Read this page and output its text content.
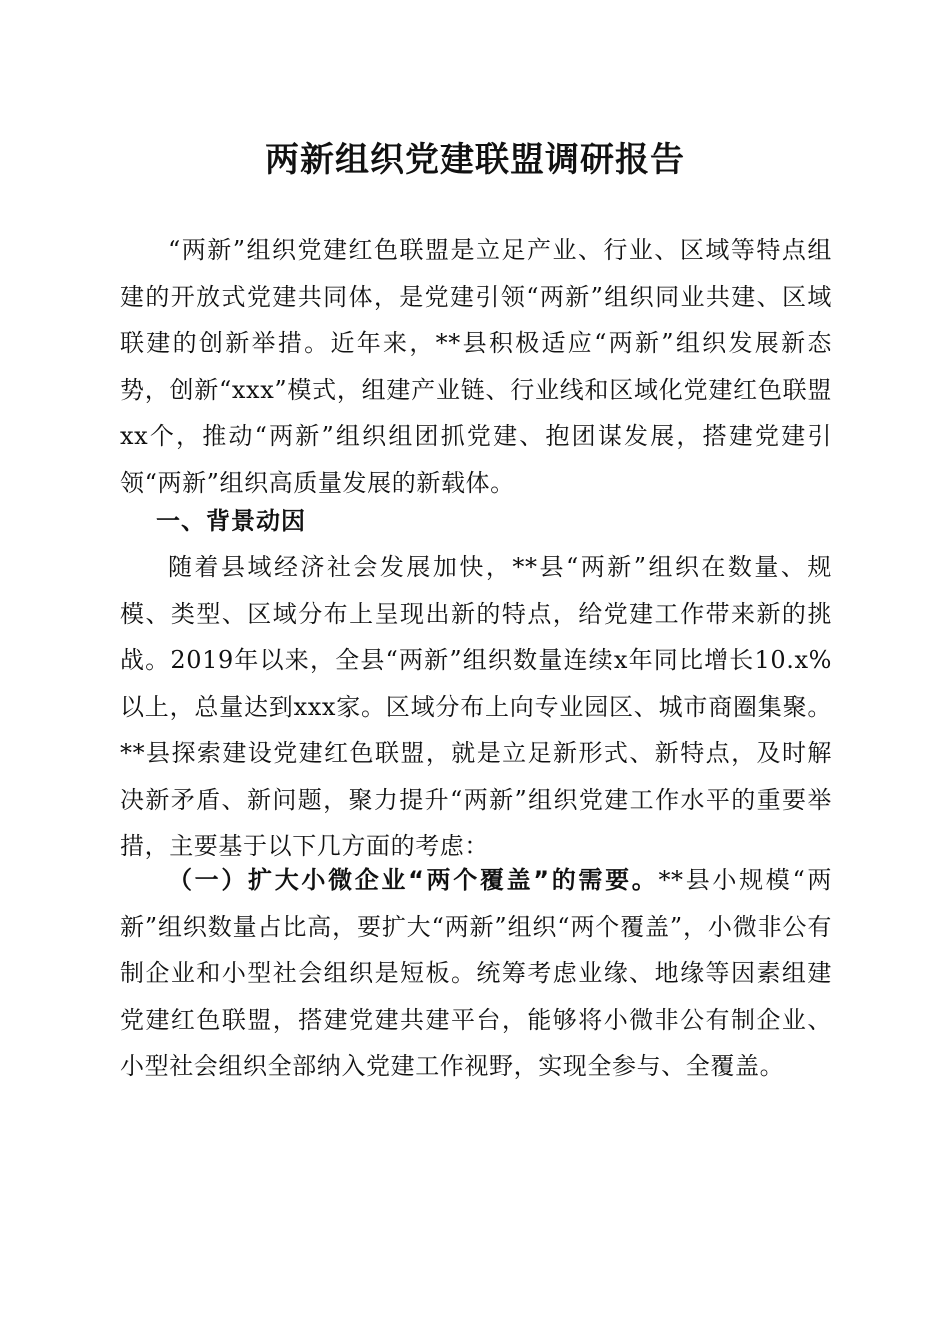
两新组织党建联盟调研报告

“两新”组织党建红色联盟是立足产业、行业、区域等特点组建的开放式党建共同体，是党建引领“两新”组织同业共建、区域联建的创新举措。近年来，**县积极适应“两新”组织发展新态势，创新“xxx”模式，组建产业链、行业线和区域化党建红色联盟xx个，推动“两新”组织组团抓党建、抱团谋发展，搭建党建引领“两新”组织高质量发展的新载体。

一、背景动因

随着县域经济社会发展加快，**县“两新”组织在数量、规模、类型、区域分布上呈现出新的特点，给党建工作带来新的挑战。2019年以来，全县“两新”组织数量连续x年同比增长10.x%以上，总量达到xxx家。区域分布上向专业园区、城市商圈集聚。**县探索建设党建红色联盟，就是立足新形式、新特点，及时解决新矛盾、新问题，聚力提升“两新”组织党建工作水平的重要举措，主要基于以下几方面的考虑：

（一）扩大小微企业“两个覆盖”的需要。**县小规模“两新”组织数量占比高，要扩大“两新”组织“两个覆盖”，小微非公有制企业和小型社会组织是短板。统筹考虑业缘、地缘等因素组建党建红色联盟，搭建党建共建平台，能够将小微非公有制企业、小型社会组织全部纳入党建工作视野，实现全参与、全覆盖。
